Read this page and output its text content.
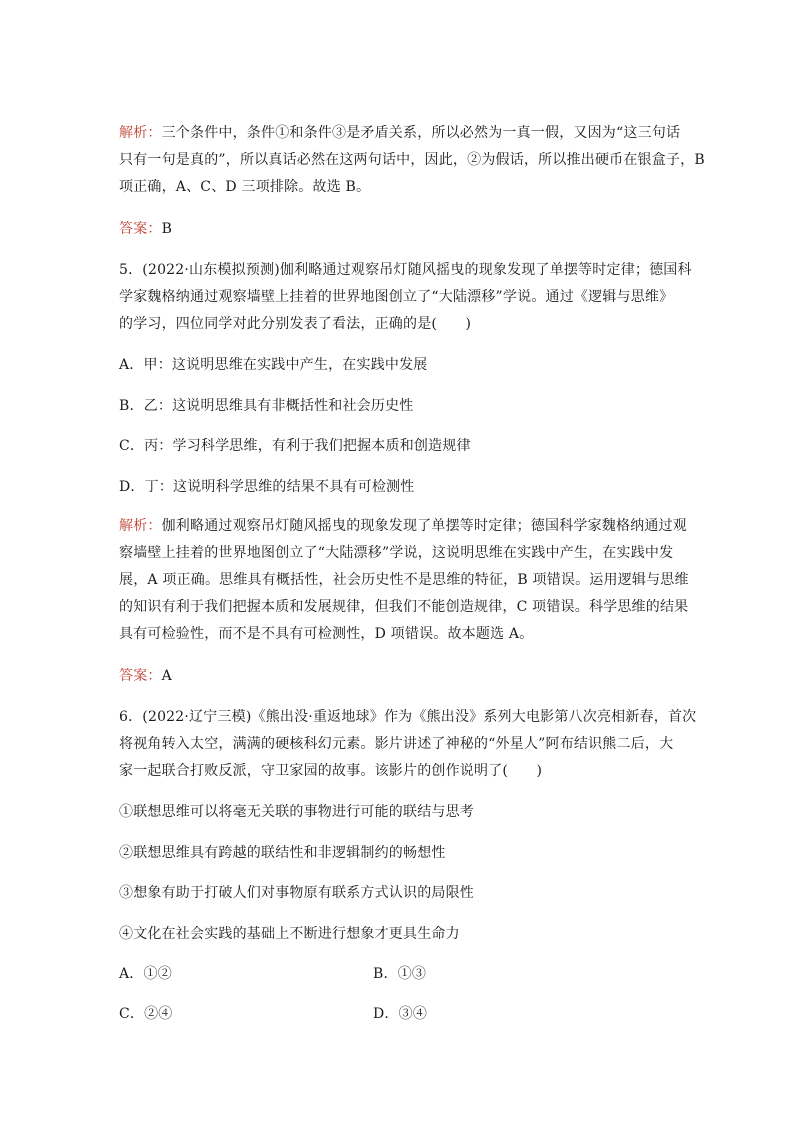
解析：三个条件中，条件①和条件③是矛盾关系，所以必然为一真一假，又因为“这三句话
只有一句是真的”，所以真话必然在这两句话中，因此，②为假话，所以推出硬币在银盒子，B
项正确，A、C、D 三项排除。故选 B。
答案：B
5．(2022·山东模拟预测)伽利略通过观察吊灯随风摇曳的现象发现了单摆等时定律；德国科
学家魏格纳通过观察墙壁上挂着的世界地图创立了“大陆漂移”学说。通过《逻辑与思维》
的学习，四位同学对此分别发表了看法，正确的是(　　)
A．甲：这说明思维在实践中产生，在实践中发展
B．乙：这说明思维具有非概括性和社会历史性
C．丙：学习科学思维，有利于我们把握本质和创造规律
D．丁：这说明科学思维的结果不具有可检测性
解析：伽利略通过观察吊灯随风摇曳的现象发现了单摆等时定律；德国科学家魏格纳通过观
察墙壁上挂着的世界地图创立了“大陆漂移”学说，这说明思维在实践中产生，在实践中发
展，A 项正确。思维具有概括性，社会历史性不是思维的特征，B 项错误。运用逻辑与思维
的知识有利于我们把握本质和发展规律，但我们不能创造规律，C 项错误。科学思维的结果
具有可检验性，而不是不具有可检测性，D 项错误。故本题选 A。
答案：A
6．(2022·辽宁三模)《熊出没·重返地球》作为《熊出没》系列大电影第八次亮相新春，首次
将视角转入太空，满满的硬核科幻元素。影片讲述了神秘的“外星人”阿布结识熊二后，大
家一起联合打败反派，守卫家园的故事。该影片的创作说明了(　　)
①联想思维可以将毫无关联的事物进行可能的联结与思考
②联想思维具有跨越的联结性和非逻辑制约的畅想性
③想象有助于打破人们对事物原有联系方式认识的局限性
④文化在社会实践的基础上不断进行想象才更具生命力
A．①②	B．①③
C．②④	D．③④
